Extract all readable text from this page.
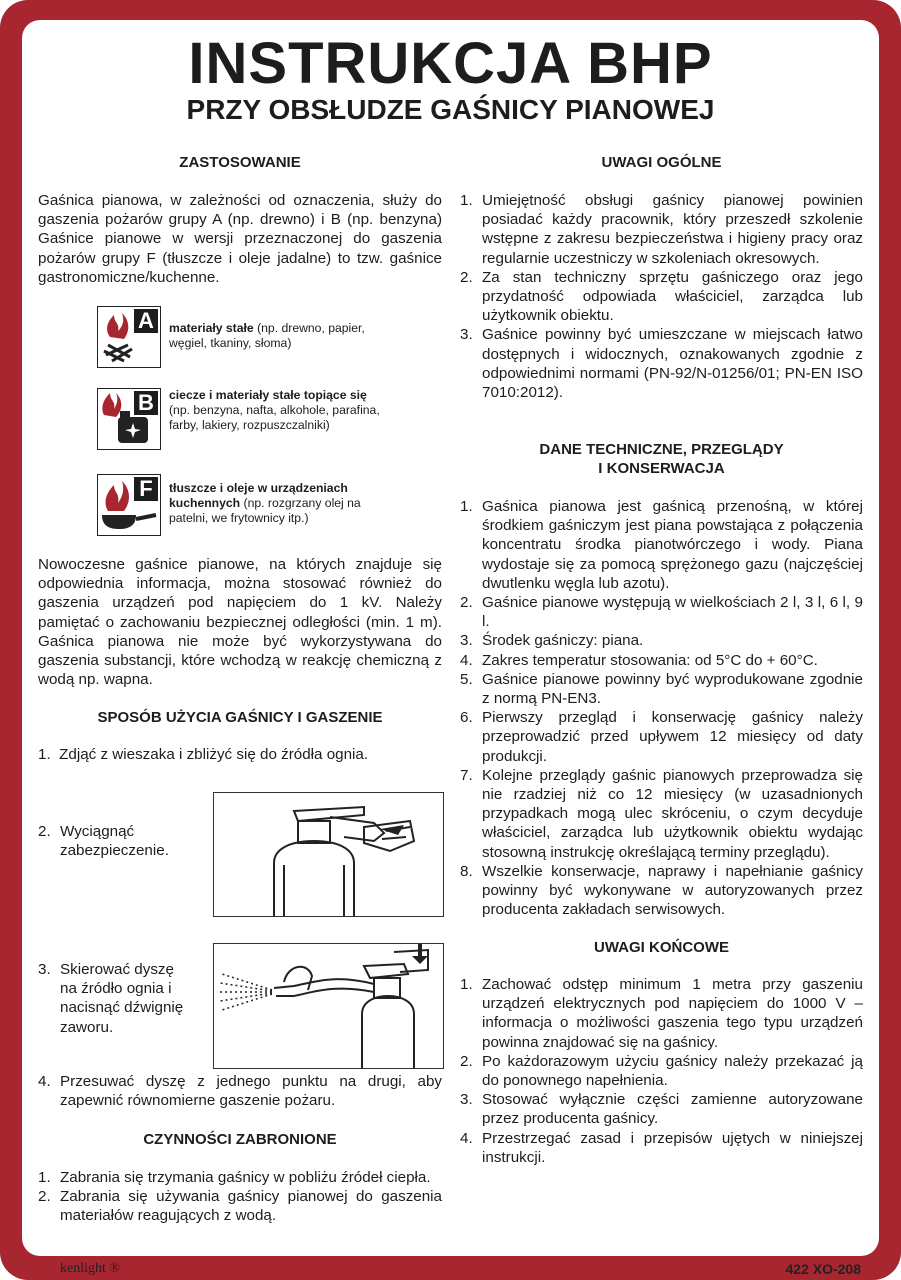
INSTRUKCJA BHP
PRZY OBSŁUDZE GAŚNICY PIANOWEJ
ZASTOSOWANIE
Gaśnica pianowa, w zależności od oznaczenia, służy do gaszenia pożarów grupy A (np. drewno) i B (np. benzyna) Gaśnice pianowe w wersji przeznaczonej do gaszenia pożarów grupy F (tłuszcze i oleje jadalne) to tzw. gaśnice gastronomiczne/kuchenne.
A	materiały stałe (np. drewno, papier, węgiel, tkaniny, słoma)
B	ciecze i materiały stałe topiące się
(np. benzyna, nafta, alkohole, parafina, farby, lakiery, rozpuszczalniki)
F	tłuszcze i oleje w urządzeniach kuchennych (np. rozgrzany olej na patelni, we frytownicy itp.)
Nowoczesne gaśnice pianowe, na których znajduje się odpowiednia informacja, można stosować również do gaszenia urządzeń pod napięciem do 1 kV. Należy pamiętać o zachowaniu bezpiecznej odległości (min. 1 m). Gaśnica pianowa nie może być wykorzystywana do gaszenia substancji, które wchodzą w reakcję chemiczną z wodą np. wapna.
SPOSÓB UŻYCIA GAŚNICY I GASZENIE
1. Zdjąć z wieszaka i zbliżyć się do źródła ognia.
2. Wyciągnąć zabezpieczenie.
3. Skierować dyszę na źródło ognia i nacisnąć dźwignię zaworu.
4. Przesuwać dyszę z jednego punktu na drugi, aby zapewnić równomierne gaszenie pożaru.
CZYNNOŚCI ZABRONIONE
1. Zabrania się trzymania gaśnicy w pobliżu źródeł ciepła.
2. Zabrania się używania gaśnicy pianowej do gaszenia materiałów reagujących z wodą.
UWAGI OGÓLNE
1. Umiejętność obsługi gaśnicy pianowej powinien posiadać każdy pracownik, który przeszedł szkolenie wstępne z zakresu bezpieczeństwa i higieny pracy oraz regularnie uczestniczy w szkoleniach okresowych.
2. Za stan techniczny sprzętu gaśniczego oraz jego przydatność odpowiada właściciel, zarządca lub użytkownik obiektu.
3. Gaśnice powinny być umieszczane w miejscach łatwo dostępnych i widocznych, oznakowanych zgodnie z odpowiednimi normami (PN-92/N-01256/01; PN-EN ISO 7010:2012).
DANE TECHNICZNE, PRZEGLĄDY
I KONSERWACJA
1. Gaśnica pianowa jest gaśnicą przenośną, w której środkiem gaśniczym jest piana powstająca z połączenia koncentratu środka pianotwórczego i wody. Piana wydostaje się za pomocą sprężonego gazu (najczęściej dwutlenku węgla lub azotu).
2. Gaśnice pianowe występują w wielkościach 2 l, 3 l, 6 l, 9 l.
3. Środek gaśniczy: piana.
4. Zakres temperatur stosowania: od 5°C do + 60°C.
5. Gaśnice pianowe powinny być wyprodukowane zgodnie z normą PN-EN3.
6. Pierwszy przegląd i konserwację gaśnicy należy przeprowadzić przed upływem 12 miesięcy od daty produkcji.
7. Kolejne przeglądy gaśnic pianowych przeprowadza się nie rzadziej niż co 12 miesięcy (w uzasadnionych przypadkach mogą ulec skróceniu, o czym decyduje właściciel, zarządca lub użytkownik obiektu wydając stosowną instrukcję określającą terminy przeglądu).
8. Wszelkie konserwacje, naprawy i napełnianie gaśnicy powinny być wykonywane w autoryzowanych przez producenta zakładach serwisowych.
UWAGI KOŃCOWE
1. Zachować odstęp minimum 1 metra przy gaszeniu urządzeń elektrycznych pod napięciem do 1000 V – informacja o możliwości gaszenia tego typu urządzeń powinna znajdować się na gaśnicy.
2. Po każdorazowym użyciu gaśnicy należy przekazać ją do ponownego napełnienia.
3. Stosować wyłącznie części zamienne autoryzowane przez producenta gaśnicy.
4. Przestrzegać zasad i przepisów ujętych w niniejszej instrukcji.
kenlight ®	422 XO-208
